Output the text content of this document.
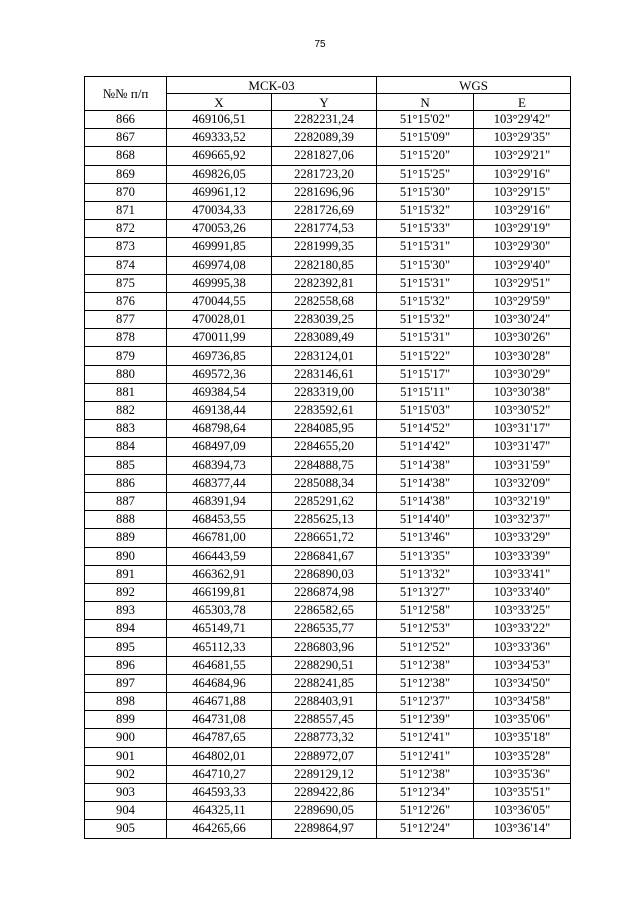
75
№№ п/п	МСК-03		WGS	
	X	Y	N	E
866	469106,51	2282231,24	51°15'02"	103°29'42"
867	469333,52	2282089,39	51°15'09"	103°29'35"
868	469665,92	2281827,06	51°15'20"	103°29'21"
869	469826,05	2281723,20	51°15'25"	103°29'16"
870	469961,12	2281696,96	51°15'30"	103°29'15"
871	470034,33	2281726,69	51°15'32"	103°29'16"
872	470053,26	2281774,53	51°15'33"	103°29'19"
873	469991,85	2281999,35	51°15'31"	103°29'30"
874	469974,08	2282180,85	51°15'30"	103°29'40"
875	469995,38	2282392,81	51°15'31"	103°29'51"
876	470044,55	2282558,68	51°15'32"	103°29'59"
877	470028,01	2283039,25	51°15'32"	103°30'24"
878	470011,99	2283089,49	51°15'31"	103°30'26"
879	469736,85	2283124,01	51°15'22"	103°30'28"
880	469572,36	2283146,61	51°15'17"	103°30'29"
881	469384,54	2283319,00	51°15'11"	103°30'38"
882	469138,44	2283592,61	51°15'03"	103°30'52"
883	468798,64	2284085,95	51°14'52"	103°31'17"
884	468497,09	2284655,20	51°14'42"	103°31'47"
885	468394,73	2284888,75	51°14'38"	103°31'59"
886	468377,44	2285088,34	51°14'38"	103°32'09"
887	468391,94	2285291,62	51°14'38"	103°32'19"
888	468453,55	2285625,13	51°14'40"	103°32'37"
889	466781,00	2286651,72	51°13'46"	103°33'29"
890	466443,59	2286841,67	51°13'35"	103°33'39"
891	466362,91	2286890,03	51°13'32"	103°33'41"
892	466199,81	2286874,98	51°13'27"	103°33'40"
893	465303,78	2286582,65	51°12'58"	103°33'25"
894	465149,71	2286535,77	51°12'53"	103°33'22"
895	465112,33	2286803,96	51°12'52"	103°33'36"
896	464681,55	2288290,51	51°12'38"	103°34'53"
897	464684,96	2288241,85	51°12'38"	103°34'50"
898	464671,88	2288403,91	51°12'37"	103°34'58"
899	464731,08	2288557,45	51°12'39"	103°35'06"
900	464787,65	2288773,32	51°12'41"	103°35'18"
901	464802,01	2288972,07	51°12'41"	103°35'28"
902	464710,27	2289129,12	51°12'38"	103°35'36"
903	464593,33	2289422,86	51°12'34"	103°35'51"
904	464325,11	2289690,05	51°12'26"	103°36'05"
905	464265,66	2289864,97	51°12'24"	103°36'14"
